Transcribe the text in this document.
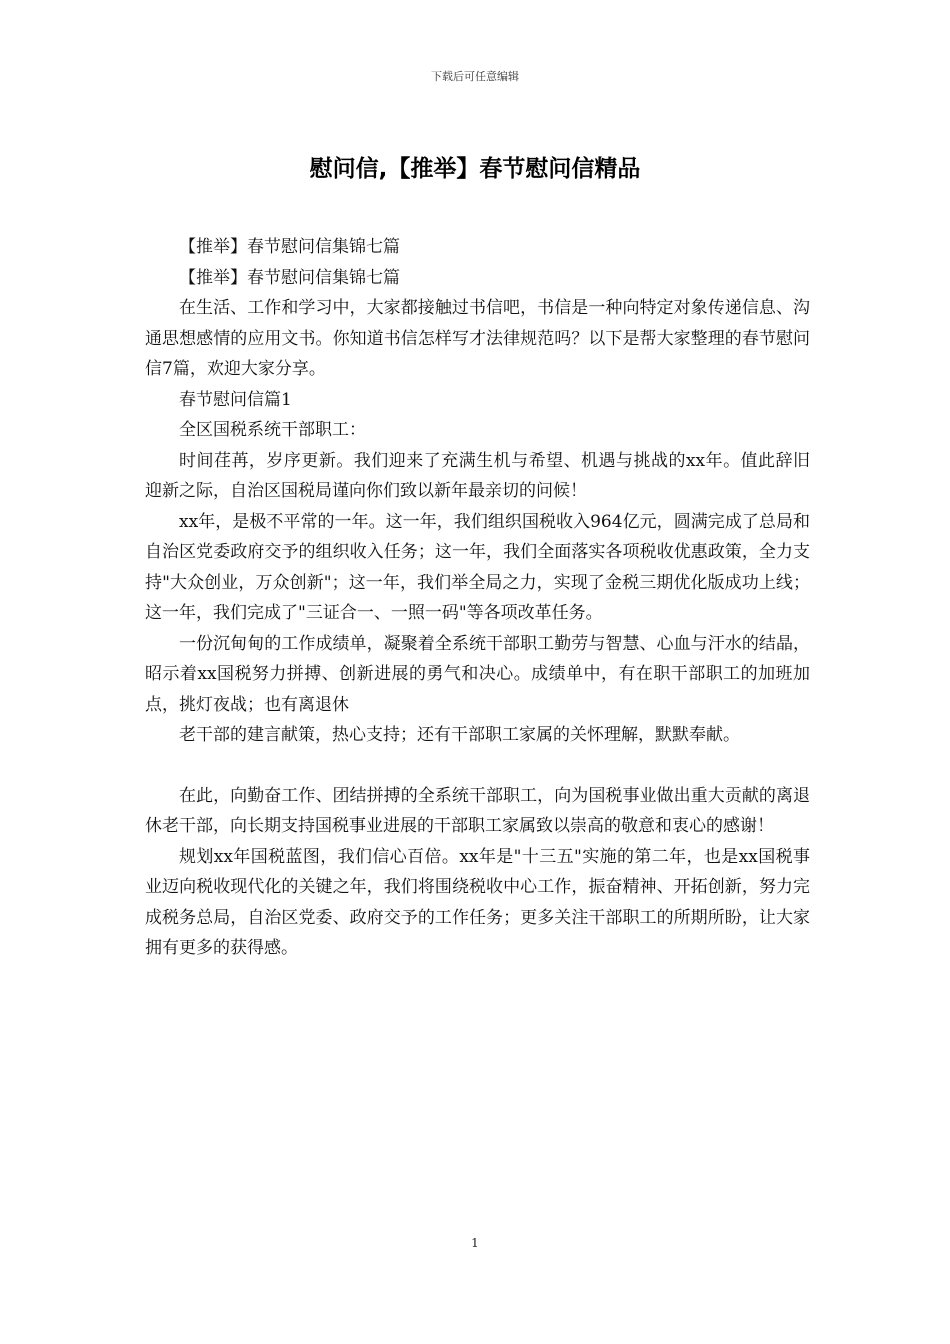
下载后可任意编辑
慰问信,【推举】春节慰问信精品

【推举】春节慰问信集锦七篇

【推举】春节慰问信集锦七篇

在生活、工作和学习中，大家都接触过书信吧，书信是一种向特定对象传递信息、沟通思想感情的应用文书。你知道书信怎样写才法律规范吗？以下是帮大家整理的春节慰问信7篇，欢迎大家分享。

春节慰问信篇1

全区国税系统干部职工：

时间荏苒，岁序更新。我们迎来了充满生机与希望、机遇与挑战的xx年。值此辞旧迎新之际，自治区国税局谨向你们致以新年最亲切的问候！

xx年，是极不平常的一年。这一年，我们组织国税收入964亿元，圆满完成了总局和自治区党委政府交予的组织收入任务；这一年，我们全面落实各项税收优惠政策，全力支持"大众创业，万众创新"；这一年，我们举全局之力，实现了金税三期优化版成功上线；这一年，我们完成了"三证合一、一照一码"等各项改革任务。

一份沉甸甸的工作成绩单，凝聚着全系统干部职工勤劳与智慧、心血与汗水的结晶，昭示着xx国税努力拼搏、创新进展的勇气和决心。成绩单中，有在职干部职工的加班加点，挑灯夜战；也有离退休

老干部的建言献策，热心支持；还有干部职工家属的关怀理解，默默奉献。

在此，向勤奋工作、团结拼搏的全系统干部职工，向为国税事业做出重大贡献的离退休老干部，向长期支持国税事业进展的干部职工家属致以崇高的敬意和衷心的感谢！

规划xx年国税蓝图，我们信心百倍。xx年是"十三五"实施的第二年，也是xx国税事业迈向税收现代化的关键之年，我们将围绕税收中心工作，振奋精神、开拓创新，努力完成税务总局，自治区党委、政府交予的工作任务；更多关注干部职工的所期所盼，让大家拥有更多的获得感。

1
